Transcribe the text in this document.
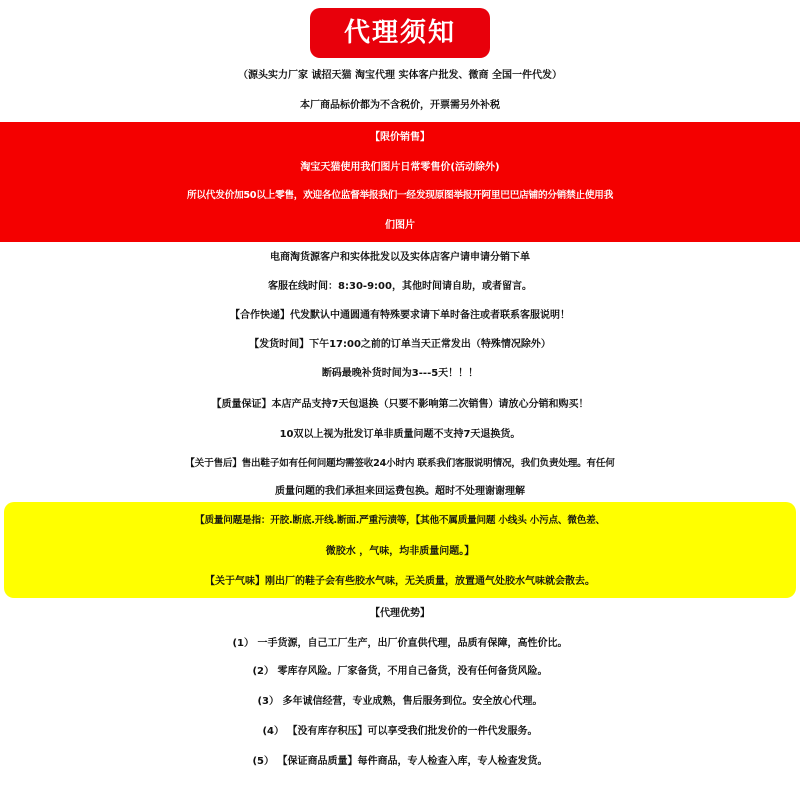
代理须知
（源头实力厂家 诚招天猫 淘宝代理 实体客户批发、微商 全国一件代发）
本厂商品标价都为不含税价，开票需另外补税
【限价销售】
淘宝天猫使用我们图片日常零售价(活动除外)
所以代发价加50以上零售，欢迎各位监督举报我们一经发现原图举报开阿里巴巴店铺的分销禁止使用我
们图片
电商淘货源客户和实体批发以及实体店客户请申请分销下单
客服在线时间：8:30-9:00，其他时间请自助，或者留言。
【合作快递】代发默认中通圆通有特殊要求请下单时备注或者联系客服说明！
【发货时间】下午17:00之前的订单当天正常发出（特殊情况除外）
断码最晚补货时间为3---5天！！！
【质量保证】本店产品支持7天包退换（只要不影响第二次销售）请放心分销和购买！
10双以上视为批发订单非质量问题不支持7天退换货。
【关于售后】售出鞋子如有任何问题均需签收24小时内 联系我们客服说明情况，我们负责处理。有任何
质量问题的我们承担来回运费包换。超时不处理谢谢理解
【质量问题是指：开胶.断底.开线.断面.严重污渍等，【其他不属质量问题 小线头 小污点、微色差、
微胶水 ，气味，均非质量问题。】
【关于气味】刚出厂的鞋子会有些胶水气味，无关质量，放置通气处胶水气味就会散去。
【代理优势】
(1） 一手货源，自己工厂生产，出厂价直供代理，品质有保障，高性价比。
(2） 零库存风险。厂家备货，不用自己备货，没有任何备货风险。
(3） 多年诚信经营，专业成熟，售后服务到位。安全放心代理。
(4） 【没有库存积压】可以享受我们批发价的一件代发服务。
(5） 【保证商品质量】每件商品，专人检查入库，专人检查发货。
